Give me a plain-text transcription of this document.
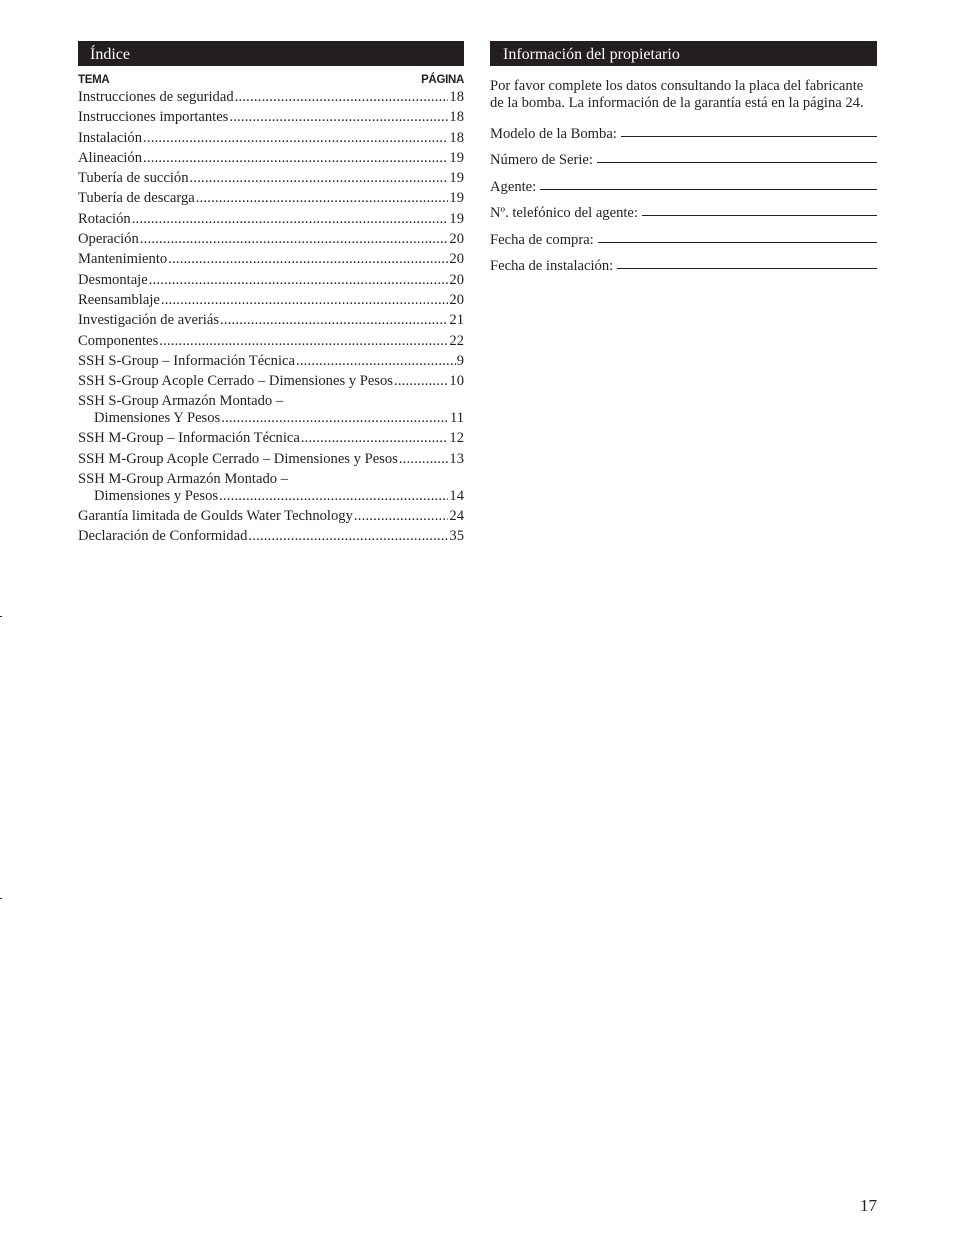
Índice
TEMA	PÁGINA
Instrucciones de seguridad .....	18
Instrucciones importantes .....	18
Instalación .....	18
Alineación .....	19
Tubería de succión .....	19
Tubería de descarga .....	19
Rotación .....	19
Operación .....	20
Mantenimiento .....	20
Desmontaje .....	20
Reensamblaje .....	20
Investigación de averiás .....	21
Componentes .....	22
SSH S-Group – Información Técnica .....	9
SSH S-Group Acople Cerrado – Dimensiones y Pesos .....	10
SSH S-Group Armazón Montado –
Dimensiones Y Pesos .....	11
SSH M-Group – Información Técnica .....	12
SSH M-Group Acople Cerrado – Dimensiones y Pesos .....	13
SSH M-Group Armazón Montado –
Dimensiones y Pesos .....	14
Garantía limitada de Goulds Water Technology .....	24
Declaración de Conformidad .....	35
Información del propietario
Por favor complete los datos consultando la placa del fabricante de la bomba. La información de la garantía está en la página 24.
Modelo de la Bomba:
Número de Serie:
Agente:
Nº. telefónico del agente:
Fecha de compra:
Fecha de instalación:
17
